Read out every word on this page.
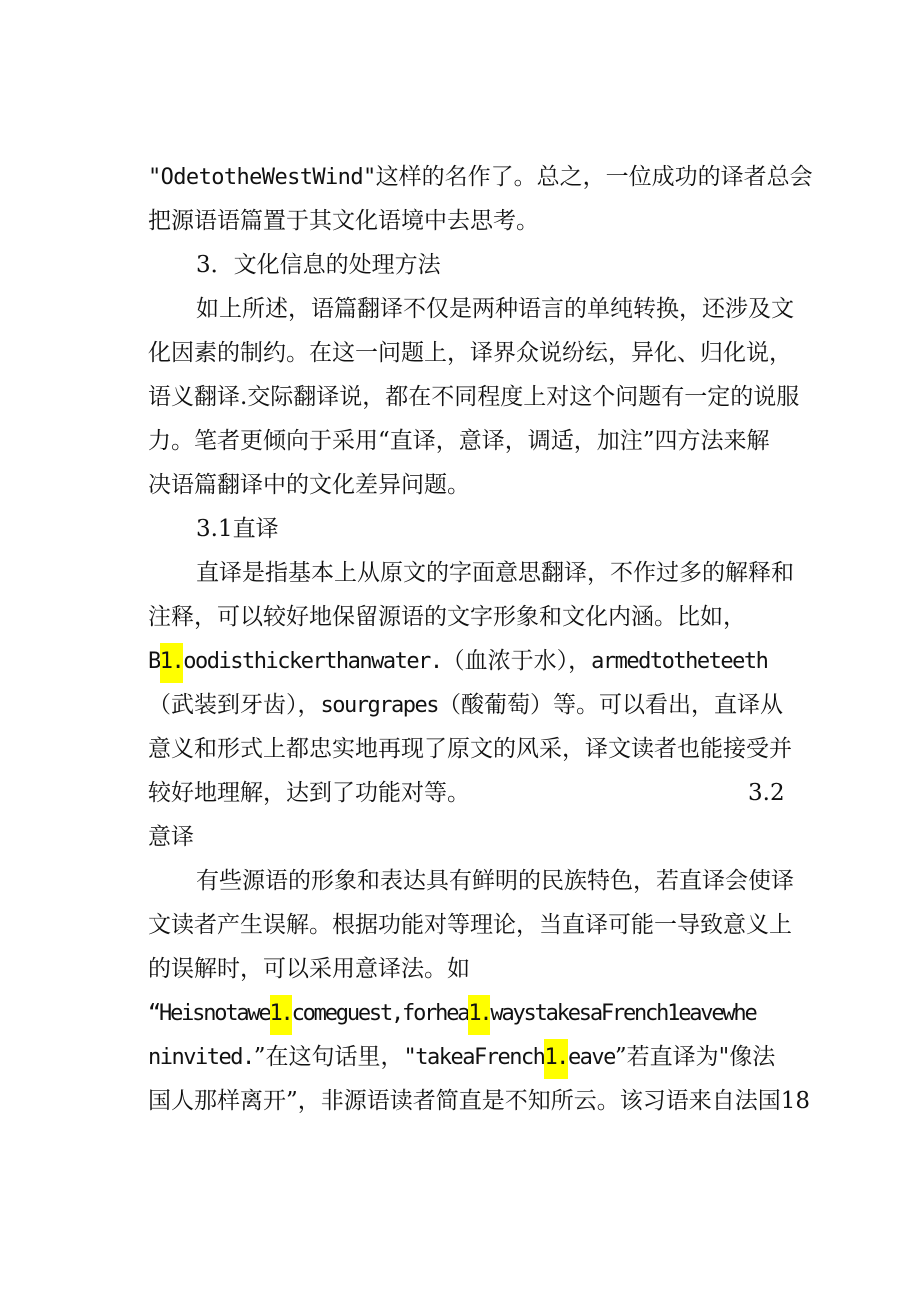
"OdetotheWestWind"这样的名作了。总之，一位成功的译者总会
把源语语篇置于其文化语境中去思考。
3．文化信息的处理方法
如上所述，语篇翻译不仅是两种语言的单纯转换，还涉及文
化因素的制约。在这一问题上，译界众说纷纭，异化、归化说，
语义翻译.交际翻译说，都在不同程度上对这个问题有一定的说服
力。笔者更倾向于采用“直译，意译，调适，加注”四方法来解
决语篇翻译中的文化差异问题。
3.1直译
直译是指基本上从原文的字面意思翻译，不作过多的解释和
注释，可以较好地保留源语的文字形象和文化内涵。比如，
B1.oodisthickerthanwater.（血浓于水），armedtotheteeth
（武装到牙齿），sourgrapes（酸葡萄）等。可以看出，直译从
意义和形式上都忠实地再现了原文的风采，译文读者也能接受并
较好地理解，达到了功能对等。	3.2
意译
有些源语的形象和表达具有鲜明的民族特色，若直译会使译
文读者产生误解。根据功能对等理论，当直译可能一导致意义上
的误解时，可以采用意译法。如
“Heisnotawe1.comeguest,forhea1.waystakesaFrench1eavewhe
ninvited.”在这句话里，"takeaFrench1.eave”若直译为"像法
国人那样离开”，非源语读者简直是不知所云。该习语来自法国18
